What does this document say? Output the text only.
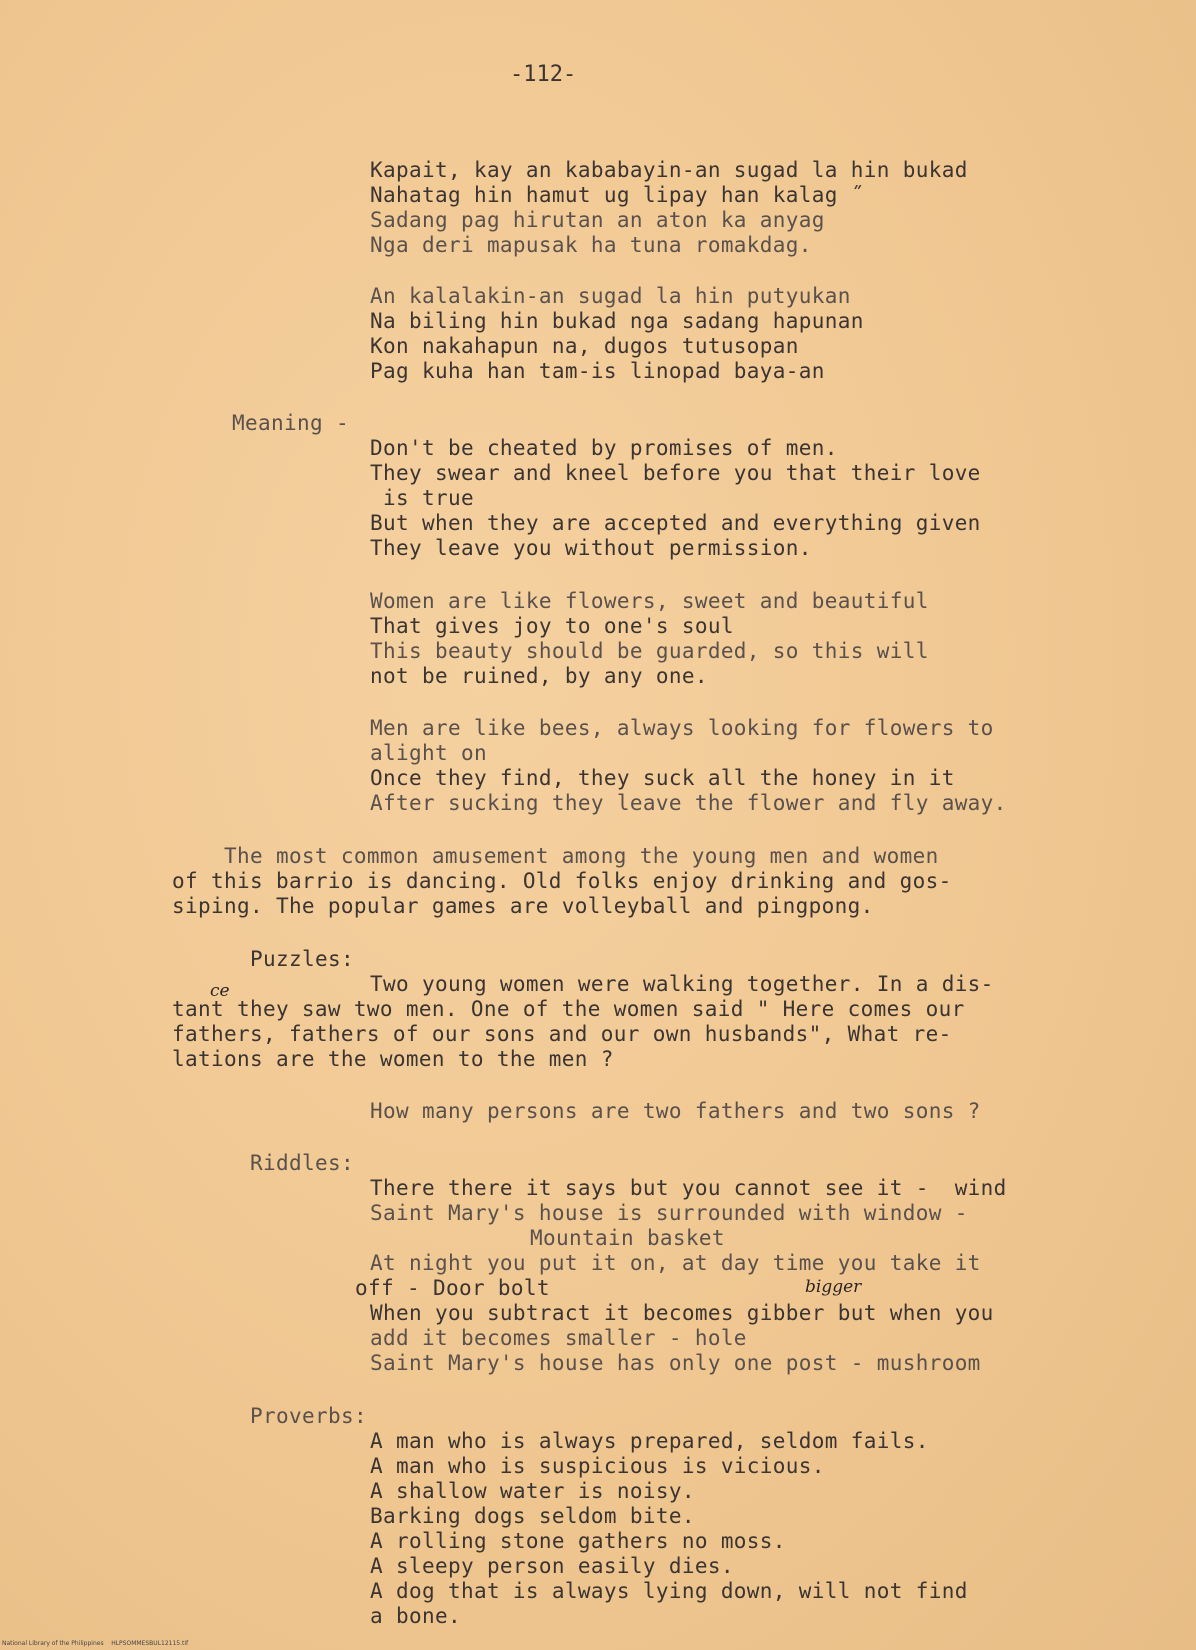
-112-
Kapait, kay an kababayin-an sugad la hin bukad
Nahatag hin hamut ug lipay han kalag ˝
Sadang pag hirutan an aton ka anyag
Nga deri mapusak ha tuna romakdag.
An kalalakin-an sugad la hin putyukan
Na biling hin bukad nga sadang hapunan
Kon nakahapun na, dugos tutusopan
Pag kuha han tam-is linopad baya-an
Meaning -
Don't be cheated by promises of men.
They swear and kneel before you that their love
is true
But when they are accepted and everything given
They leave you without permission.
Women are like flowers, sweet and beautiful
That gives joy to one's soul
This beauty should be guarded, so this will
not be ruined, by any one.
Men are like bees, always looking for flowers to
alight on
Once they find, they suck all the honey in it
After sucking they leave the flower and fly away.
The most common amusement among the young men and women
of this barrio is dancing. Old folks enjoy drinking and gos-
siping. The popular games are volleyball and pingpong.
Puzzles:
Two young women were walking together. In a dis-
ce
tant they saw two men. One of the women said " Here comes our
fathers, fathers of our sons and our own husbands", What re-
lations are the women to the men ?
How many persons are two fathers and two sons ?
Riddles:
There there it says but you cannot see it -  wind
Saint Mary's house is surrounded with window -
Mountain basket
At night you put it on, at day time you take it
off - Door bolt	bigger
When you subtract it becomes gibber but when you
add it becomes smaller - hole
Saint Mary's house has only one post - mushroom
Proverbs:
A man who is always prepared, seldom fails.
A man who is suspicious is vicious.
A shallow water is noisy.
Barking dogs seldom bite.
A rolling stone gathers no moss.
A sleepy person easily dies.
A dog that is always lying down, will not find
a bone.
National Library of the Philippines    HLPSOMMESBUL12115.tif
